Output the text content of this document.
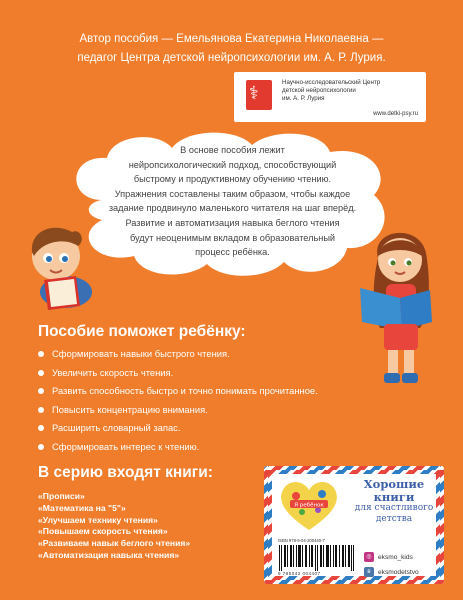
Автор пособия — Емельянова Екатерина Николаевна —
педагог Центра детской нейропсихологии им. А. Р. Лурия.
⚕
Научно-исследовательский Центр
детской нейропсихологии
им. А. Р. Лурия
www.detki-psy.ru
В основе пособия лежит
нейропсихологический подход, способствующий
быстрому и продуктивному обучению чтению.
Упражнения составлены таким образом, чтобы каждое
задание продвинуло маленького читателя на шаг вперёд.
Развитие и автоматизация навыка беглого чтения
будут неоценимым вкладом в образовательный
процесс ребёнка.
Пособие поможет ребёнку:
Сформировать навыки быстрого чтения.
Увеличить скорость чтения.
Развить способность быстро и точно понимать прочитанное.
Повысить концентрацию внимания.
Расширить словарный запас.
Сформировать интерес к чтению.
В серию входят книги:
«Прописи»
«Математика на "5"»
«Улучшаем технику чтения»
«Повышаем скорость чтения»
«Развиваем навык беглого чтения»
«Автоматизация навыка чтения»
Я ребёнок
Хорошие
книги
для счастливого
детства
ISBN 978-5-04-200440-7
9 785042 004407
◎ eksmo_kids
в	eksmodetstvo
